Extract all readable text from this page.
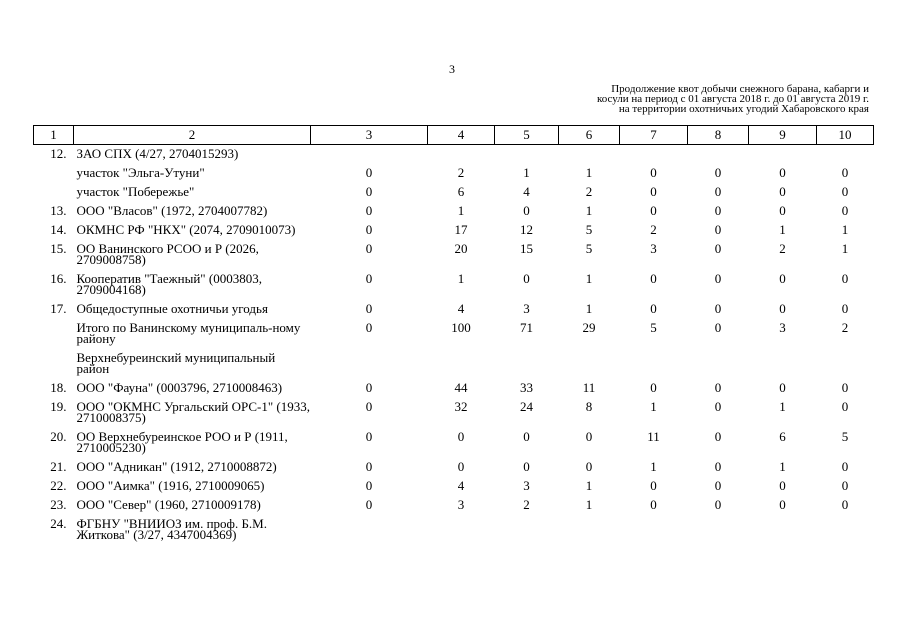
3
Продолжение квот добычи снежного барана, кабарги и
косули на период с 01 августа 2018 г. до 01 августа 2019 г.
на территории охотничьих угодий Хабаровского края
1	2	3	4	5	6	7	8	9	10
12.	ЗАО СПХ (4/27, 2704015293)								
	участок "Эльга-Утуни"	0	2	1	1	0	0	0	0
	участок "Побережье"	0	6	4	2	0	0	0	0
13.	ООО "Власов" (1972, 2704007782)	0	1	0	1	0	0	0	0
14.	ОКМНС РФ "НКХ" (2074, 2709010073)	0	17	12	5	2	0	1	1
15.	ОО Ванинского РСОО и Р (2026, 2709008758)	0	20	15	5	3	0	2	1
16.	Кооператив "Таежный" (0003803, 2709004168)	0	1	0	1	0	0	0	0
17.	Общедоступные охотничьи угодья	0	4	3	1	0	0	0	0
	Итого по Ванинскому муниципаль-ному району	0	100	71	29	5	0	3	2
	Верхнебуреинский муниципальный район								
18.	ООО "Фауна" (0003796, 2710008463)	0	44	33	11	0	0	0	0
19.	ООО "ОКМНС Ургальский ОРС-1" (1933, 2710008375)	0	32	24	8	1	0	1	0
20.	ОО Верхнебуреинское РОО и Р (1911, 2710005230)	0	0	0	0	11	0	6	5
21.	ООО "Адникан" (1912, 2710008872)	0	0	0	0	1	0	1	0
22.	ООО "Аимка" (1916, 2710009065)	0	4	3	1	0	0	0	0
23.	ООО "Север" (1960, 2710009178)	0	3	2	1	0	0	0	0
24.	ФГБНУ "ВНИИОЗ им. проф. Б.М. Житкова" (3/27, 4347004369)								
